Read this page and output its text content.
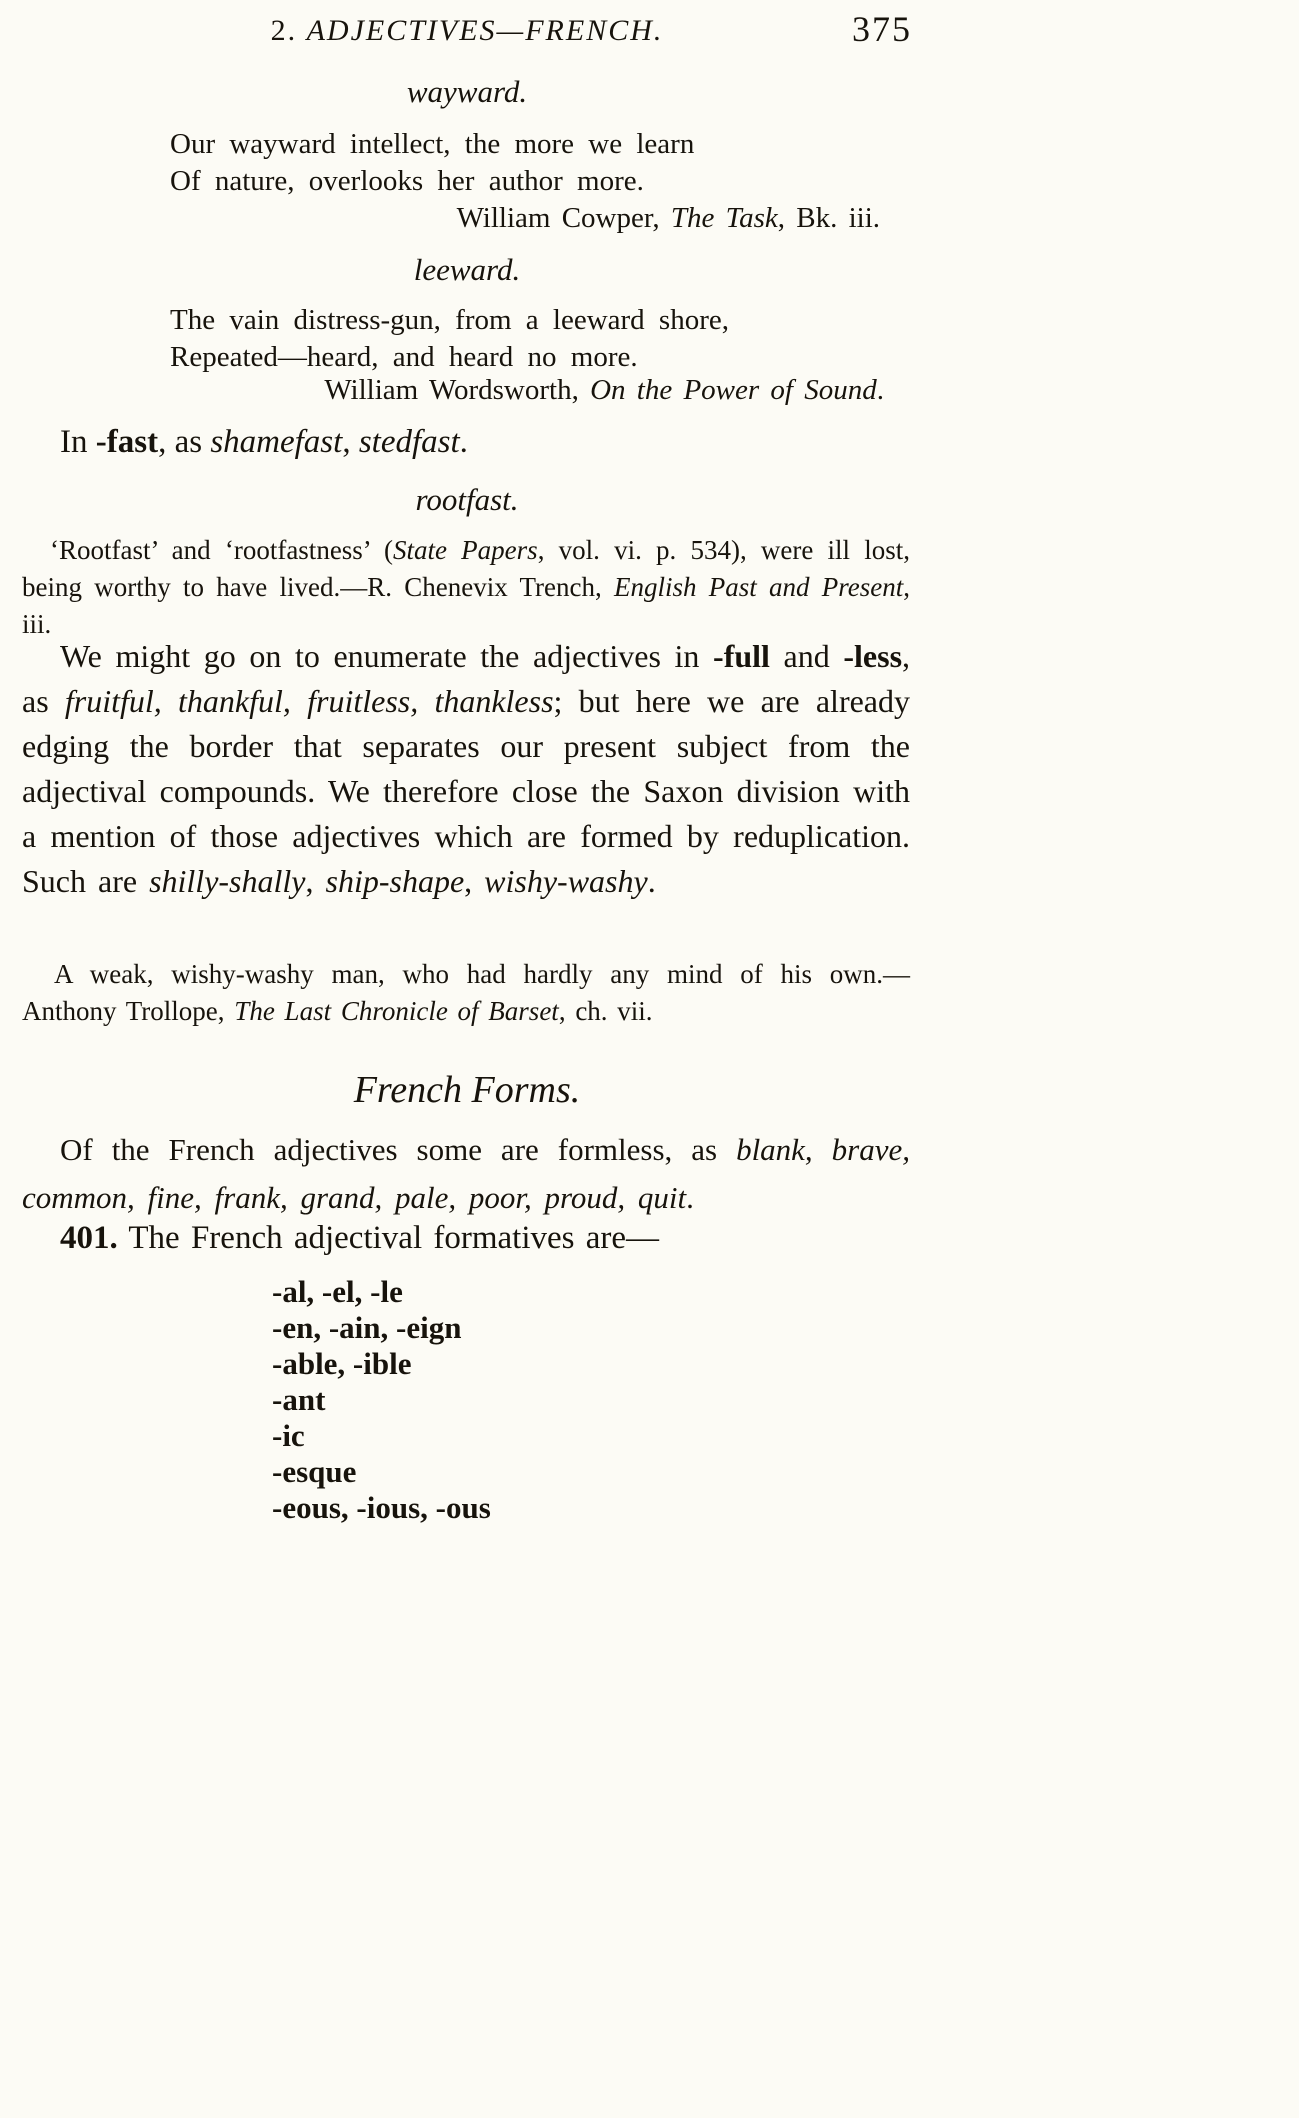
2. ADJECTIVES—FRENCH.	375
wayward.
Our wayward intellect, the more we learn
Of nature, overlooks her author more.
William Cowper, The Task, Bk. iii.
leeward.
The vain distress-gun, from a leeward shore,
Repeated—heard, and heard no more.
William Wordsworth, On the Power of Sound.
In -fast, as shamefast, stedfast.
rootfast.
‘Rootfast’ and ‘rootfastness’ (State Papers, vol. vi. p. 534), were ill lost, being worthy to have lived.—R. Chenevix Trench, English Past and Present, iii.
We might go on to enumerate the adjectives in -full and -less, as fruitful, thankful, fruitless, thankless; but here we are already edging the border that separates our present subject from the adjectival compounds. We therefore close the Saxon division with a mention of those adjectives which are formed by reduplication. Such are shilly-shally, ship-shape, wishy-washy.
A weak, wishy-washy man, who had hardly any mind of his own.— Anthony Trollope, The Last Chronicle of Barset, ch. vii.
French Forms.
Of the French adjectives some are formless, as blank, brave, common, fine, frank, grand, pale, poor, proud, quit.
401. The French adjectival formatives are—
-al, -el, -le
-en, -ain, -eign
-able, -ible
-ant
-ic
-esque
-eous, -ious, -ous
